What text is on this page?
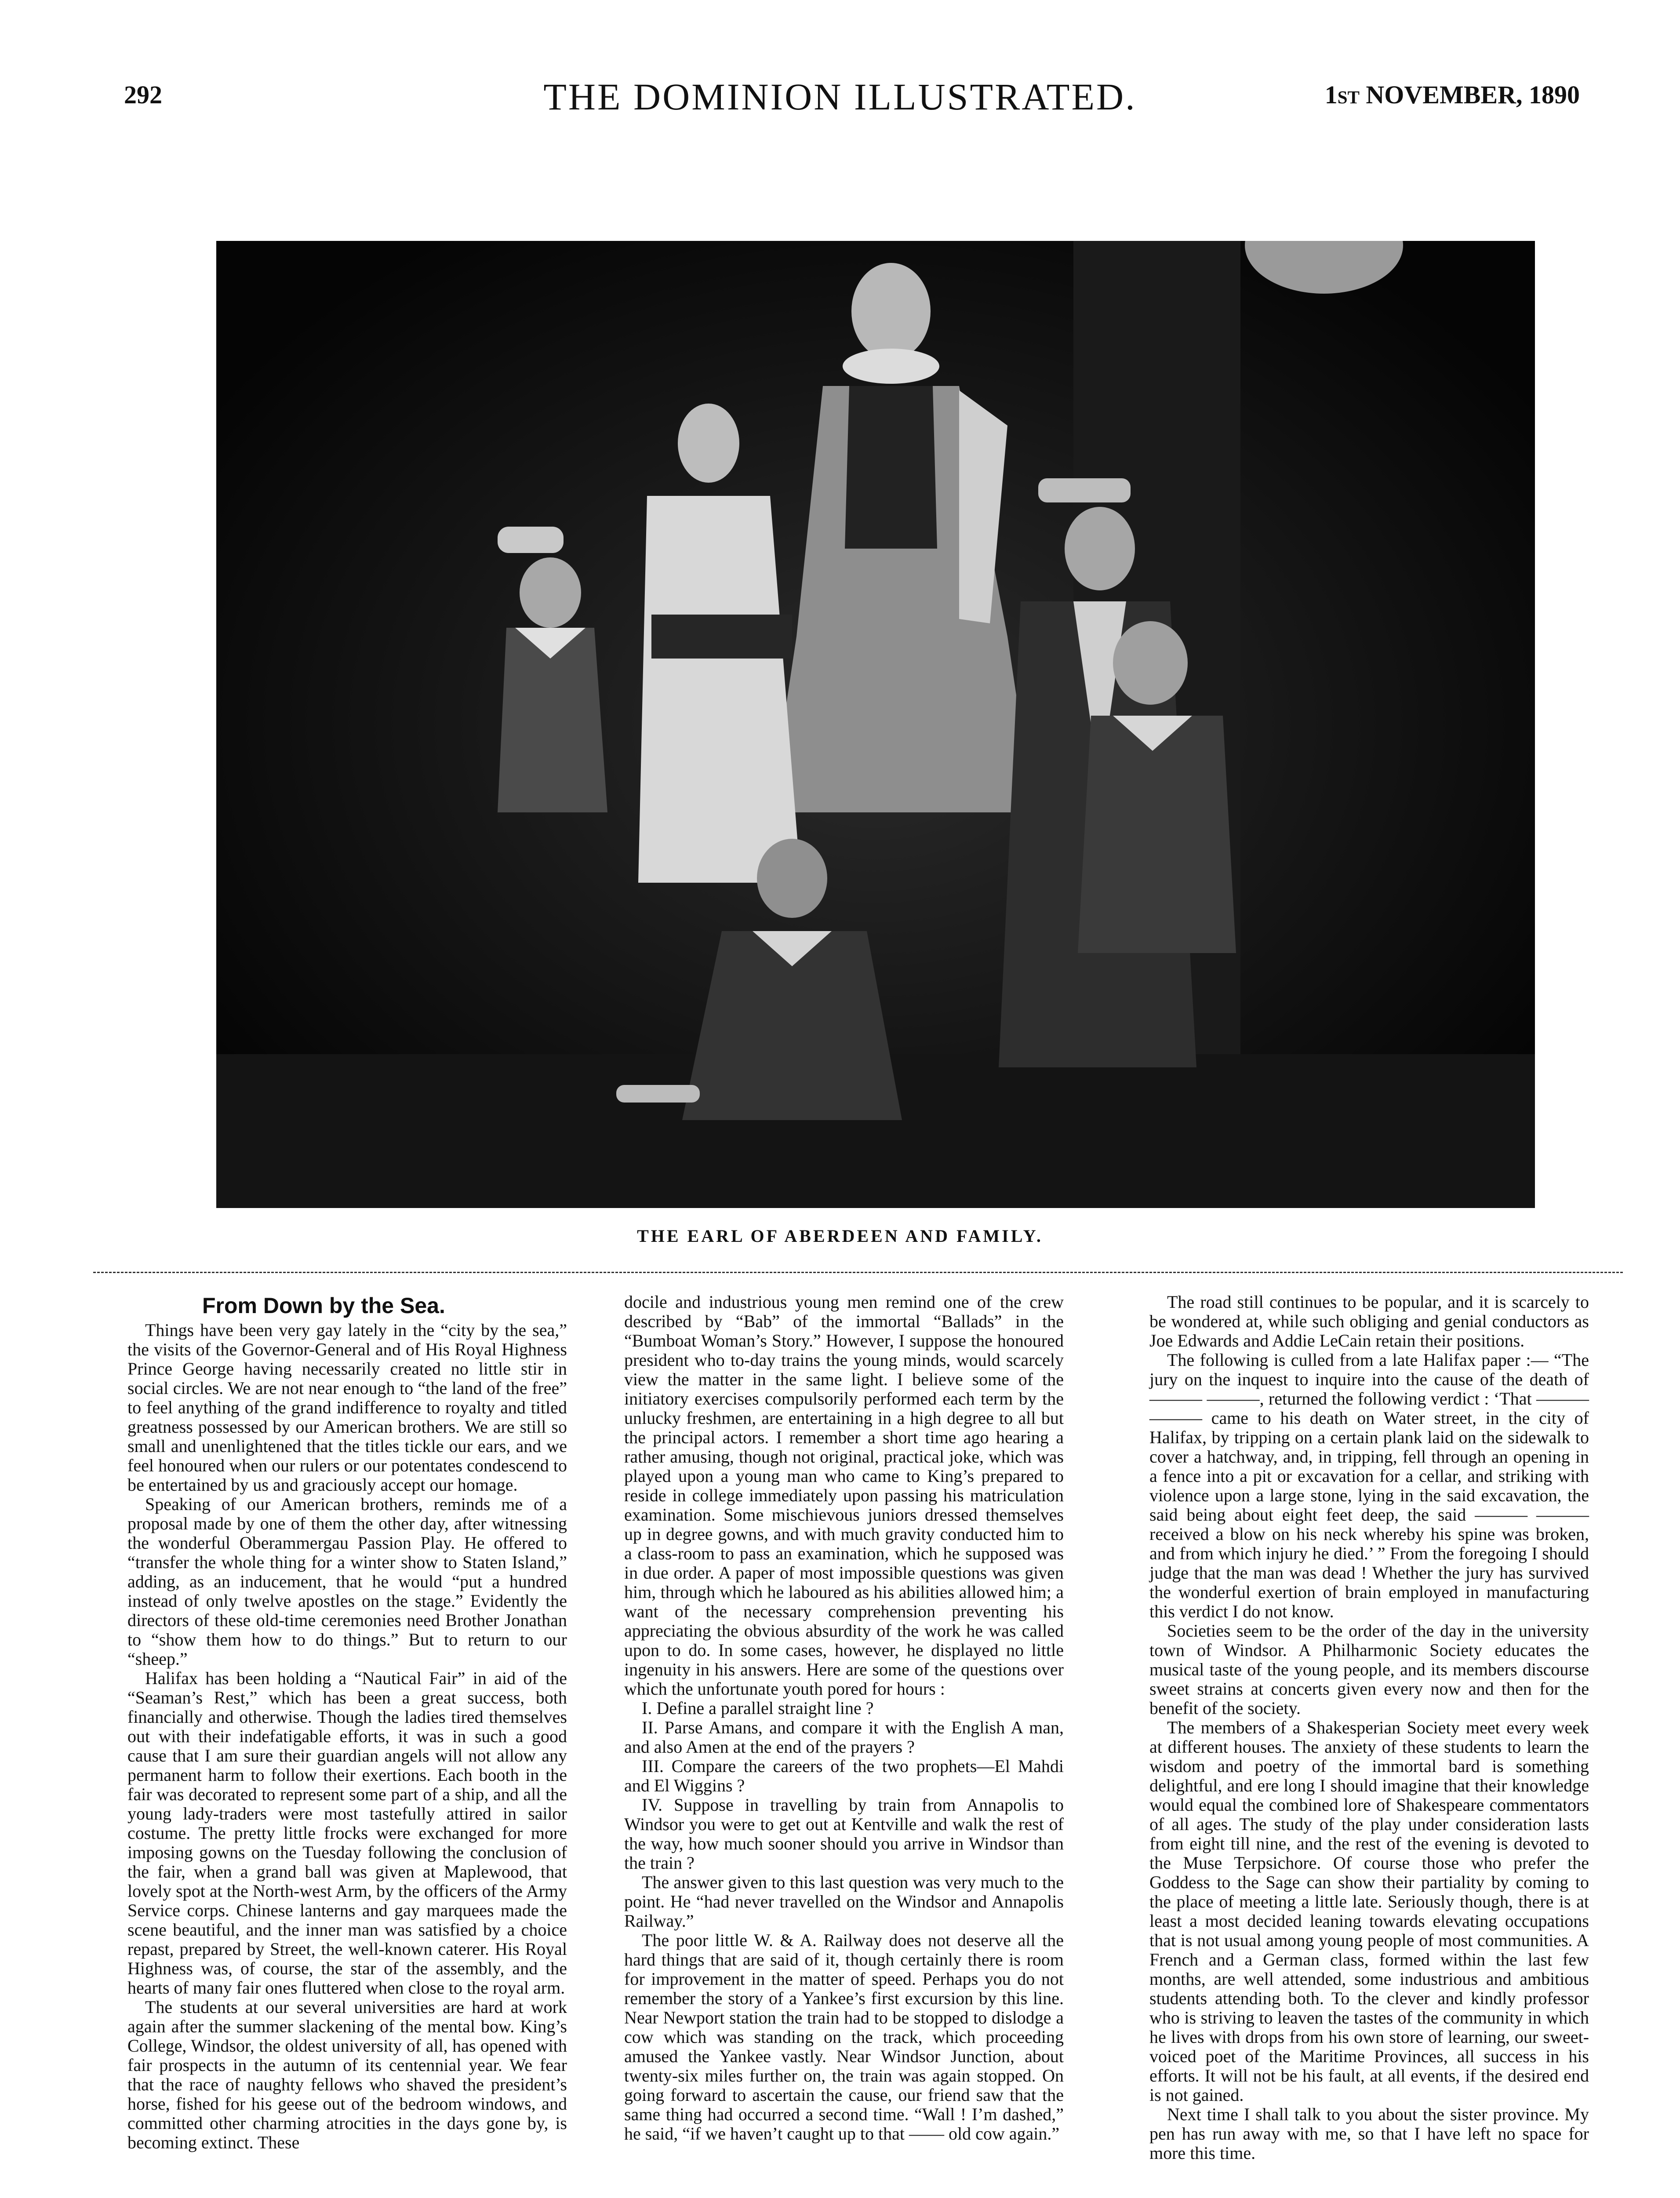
292	THE DOMINION ILLUSTRATED.	1st NOVEMBER, 1890
THE EARL OF ABERDEEN AND FAMILY.
From Down by the Sea.

Things have been very gay lately in the “city by the sea,” the visits of the Governor-General and of His Royal Highness Prince George having necessarily created no little stir in social circles. We are not near enough to “the land of the free” to feel anything of the grand indifference to royalty and titled greatness possessed by our American brothers. We are still so small and unenlightened that the titles tickle our ears, and we feel honoured when our rulers or our potentates condescend to be entertained by us and graciously accept our homage.

Speaking of our American brothers, reminds me of a proposal made by one of them the other day, after witnessing the wonderful Oberammergau Passion Play. He offered to “transfer the whole thing for a winter show to Staten Island,” adding, as an inducement, that he would “put a hundred instead of only twelve apostles on the stage.” Evidently the directors of these old-time ceremonies need Brother Jonathan to “show them how to do things.” But to return to our “sheep.”

Halifax has been holding a “Nautical Fair” in aid of the “Seaman’s Rest,” which has been a great success, both financially and otherwise. Though the ladies tired themselves out with their indefatigable efforts, it was in such a good cause that I am sure their guardian angels will not allow any permanent harm to follow their exertions. Each booth in the fair was decorated to represent some part of a ship, and all the young lady-traders were most tastefully attired in sailor costume. The pretty little frocks were exchanged for more imposing gowns on the Tuesday following the conclusion of the fair, when a grand ball was given at Maplewood, that lovely spot at the North-west Arm, by the officers of the Army Service corps. Chinese lanterns and gay marquees made the scene beautiful, and the inner man was satisfied by a choice repast, prepared by Street, the well-known caterer. His Royal Highness was, of course, the star of the assembly, and the hearts of many fair ones fluttered when close to the royal arm.

The students at our several universities are hard at work again after the summer slackening of the mental bow. King’s College, Windsor, the oldest university of all, has opened with fair prospects in the autumn of its centennial year. We fear that the race of naughty fellows who shaved the president’s horse, fished for his geese out of the bedroom windows, and committed other charming atrocities in the days gone by, is becoming extinct. These

docile and industrious young men remind one of the crew described by “Bab” of the immortal “Ballads” in the “Bumboat Woman’s Story.” However, I suppose the honoured president who to-day trains the young minds, would scarcely view the matter in the same light. I believe some of the initiatory exercises compulsorily performed each term by the unlucky freshmen, are entertaining in a high degree to all but the principal actors. I remember a short time ago hearing a rather amusing, though not original, practical joke, which was played upon a young man who came to King’s prepared to reside in college immediately upon passing his matriculation examination. Some mischievous juniors dressed themselves up in degree gowns, and with much gravity conducted him to a class-room to pass an examination, which he supposed was in due order. A paper of most impossible questions was given him, through which he laboured as his abilities allowed him; a want of the necessary comprehension preventing his appreciating the obvious absurdity of the work he was called upon to do. In some cases, however, he displayed no little ingenuity in his answers. Here are some of the questions over which the unfortunate youth pored for hours :

I. Define a parallel straight line ?
II. Parse Amans, and compare it with the English A man, and also Amen at the end of the prayers ?
III. Compare the careers of the two prophets—El Mahdi and El Wiggins ?
IV. Suppose in travelling by train from Annapolis to Windsor you were to get out at Kentville and walk the rest of the way, how much sooner should you arrive in Windsor than the train ?

The answer given to this last question was very much to the point. He “had never travelled on the Windsor and Annapolis Railway.”

The poor little W. & A. Railway does not deserve all the hard things that are said of it, though certainly there is room for improvement in the matter of speed. Perhaps you do not remember the story of a Yankee’s first excursion by this line. Near Newport station the train had to be stopped to dislodge a cow which was standing on the track, which proceeding amused the Yankee vastly. Near Windsor Junction, about twenty-six miles further on, the train was again stopped. On going forward to ascertain the cause, our friend saw that the same thing had occurred a second time. “Wall ! I’m dashed,” he said, “if we haven’t caught up to that —— old cow again.”

The road still continues to be popular, and it is scarcely to be wondered at, while such obliging and genial conductors as Joe Edwards and Addie LeCain retain their positions.

The following is culled from a late Halifax paper :— “The jury on the inquest to inquire into the cause of the death of ——— ———, returned the following verdict : ‘That ——— ——— came to his death on Water street, in the city of Halifax, by tripping on a certain plank laid on the sidewalk to cover a hatchway, and, in tripping, fell through an opening in a fence into a pit or excavation for a cellar, and striking with violence upon a large stone, lying in the said excavation, the said being about eight feet deep, the said ——— ——— received a blow on his neck whereby his spine was broken, and from which injury he died.’ ” From the foregoing I should judge that the man was dead ! Whether the jury has survived the wonderful exertion of brain employed in manufacturing this verdict I do not know.

Societies seem to be the order of the day in the university town of Windsor. A Philharmonic Society educates the musical taste of the young people, and its members discourse sweet strains at concerts given every now and then for the benefit of the society.

The members of a Shakesperian Society meet every week at different houses. The anxiety of these students to learn the wisdom and poetry of the immortal bard is something delightful, and ere long I should imagine that their knowledge would equal the combined lore of Shakespeare commentators of all ages. The study of the play under consideration lasts from eight till nine, and the rest of the evening is devoted to the Muse Terpsichore. Of course those who prefer the Goddess to the Sage can show their partiality by coming to the place of meeting a little late. Seriously though, there is at least a most decided leaning towards elevating occupations that is not usual among young people of most communities. A French and a German class, formed within the last few months, are well attended, some industrious and ambitious students attending both. To the clever and kindly professor who is striving to leaven the tastes of the community in which he lives with drops from his own store of learning, our sweet-voiced poet of the Maritime Provinces, all success in his efforts. It will not be his fault, at all events, if the desired end is not gained.

Next time I shall talk to you about the sister province. My pen has run away with me, so that I have left no space for more this time.
